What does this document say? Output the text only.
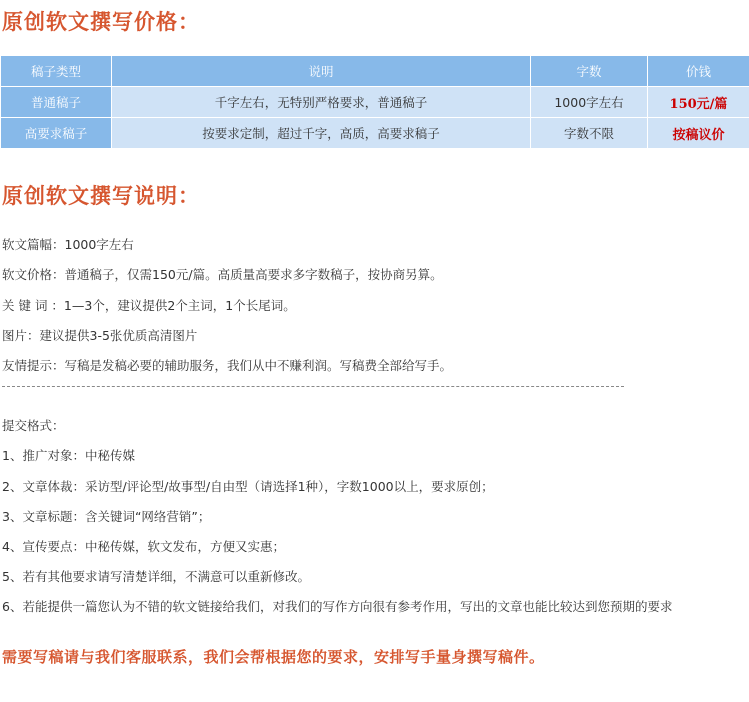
原创软文撰写价格：
稿子类型	说明	字数	价钱
普通稿子	千字左右，无特别严格要求，普通稿子	1000字左右	150元/篇
高要求稿子	按要求定制，超过千字，高质，高要求稿子	字数不限	按稿议价
原创软文撰写说明：
软文篇幅：1000字左右
软文价格：普通稿子，仅需150元/篇。高质量高要求多字数稿子，按协商另算。
关 键 词 ：1—3个，建议提供2个主词，1个长尾词。
图片：建议提供3-5张优质高清图片
友情提示：写稿是发稿必要的辅助服务，我们从中不赚利润。写稿费全部给写手。
提交格式：
1、推广对象：中秘传媒
2、文章体裁：采访型/评论型/故事型/自由型（请选择1种），字数1000以上，要求原创；
3、文章标题：含关键词“网络营销”；
4、宣传要点：中秘传媒，软文发布，方便又实惠；
5、若有其他要求请写清楚详细，不满意可以重新修改。
6、若能提供一篇您认为不错的软文链接给我们，对我们的写作方向很有参考作用，写出的文章也能比较达到您预期的要求
需要写稿请与我们客服联系，我们会帮根据您的要求，安排写手量身撰写稿件。
